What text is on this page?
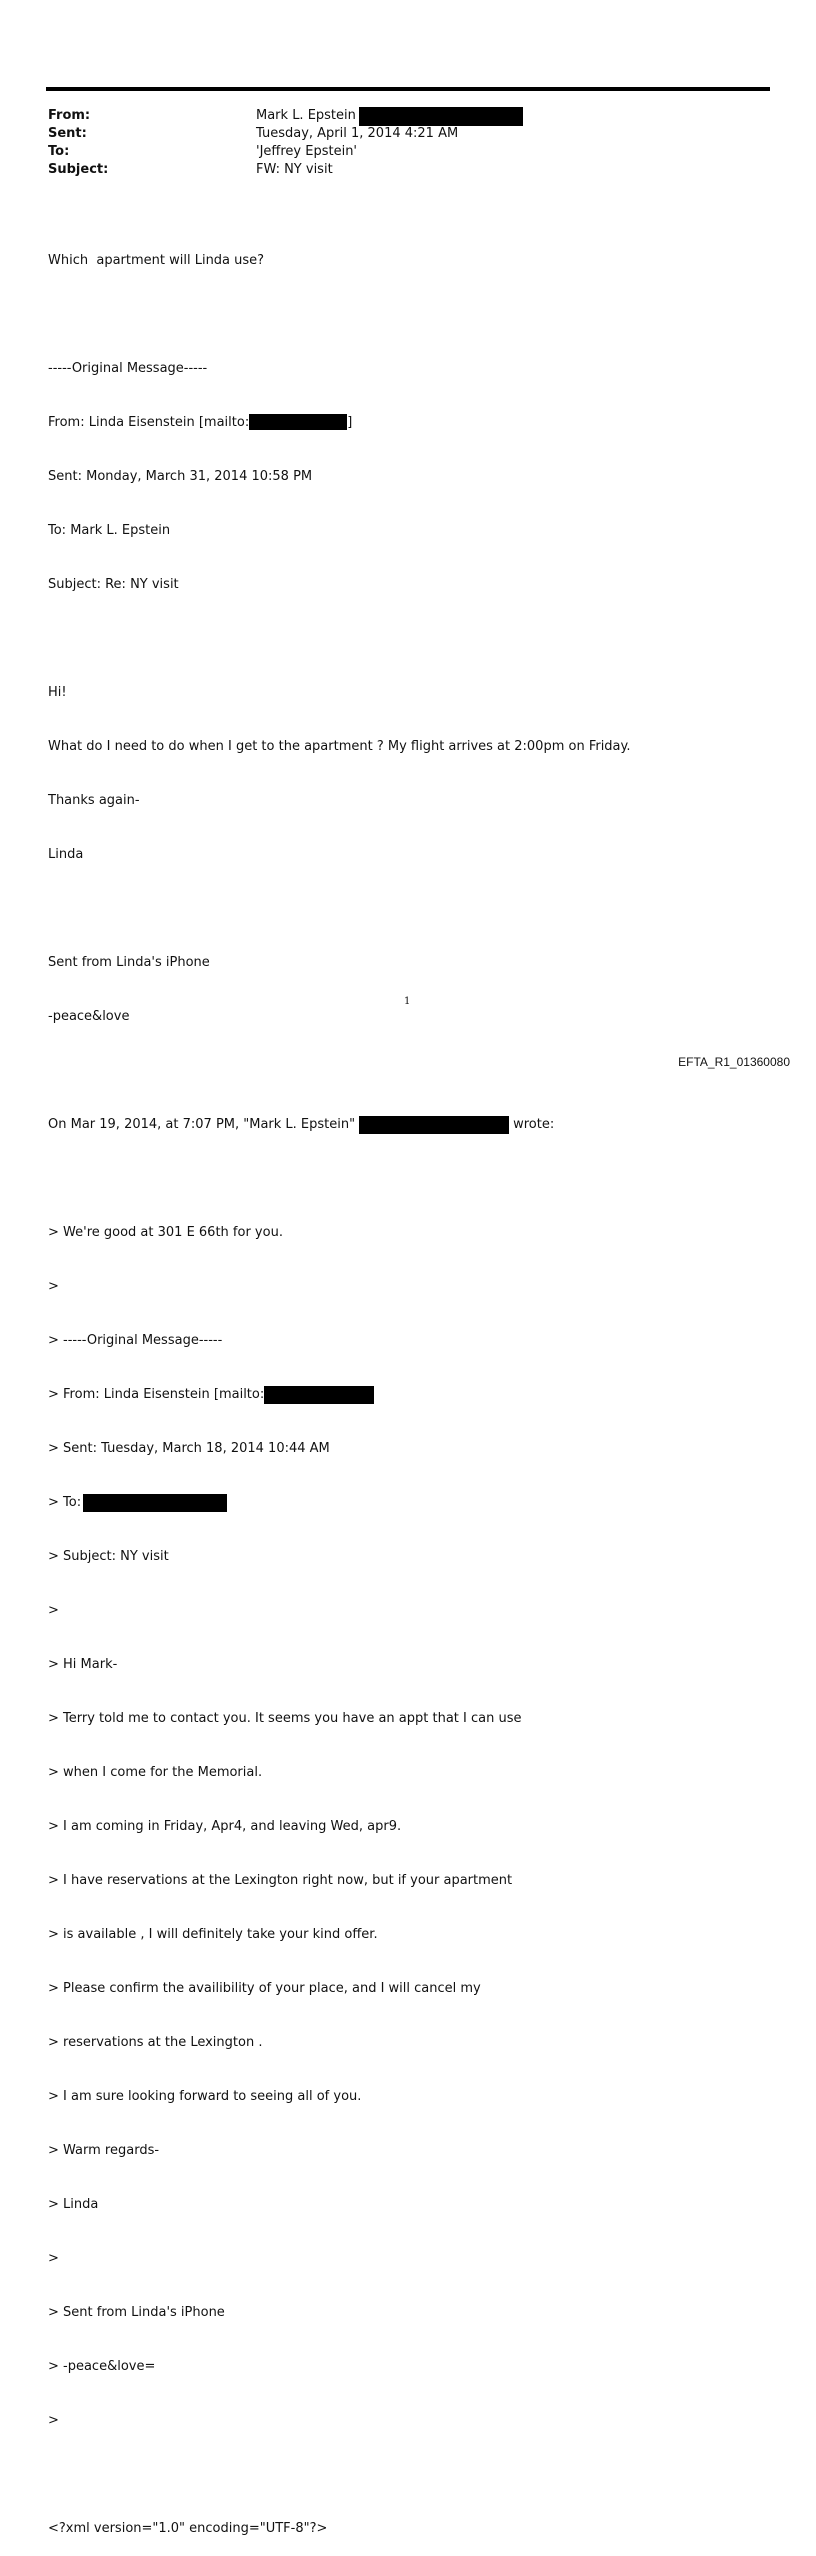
From:	Mark L. Epstein
Sent:	Tuesday, April 1, 2014 4:21 AM
To:	'Jeffrey Epstein'
Subject:	FW: NY visit

Which  apartment will Linda use?

-----Original Message-----

From: Linda Eisenstein [mailto:	]

Sent: Monday, March 31, 2014 10:58 PM

To: Mark L. Epstein

Subject: Re: NY visit

Hi!

What do I need to do when I get to the apartment ? My flight arrives at 2:00pm on Friday.

Thanks again-

Linda

Sent from Linda's iPhone

-peace&love

On Mar 19, 2014, at 7:07 PM, "Mark L. Epstein"	wrote:

> We're good at 301 E 66th for you.

>

> -----Original Message-----

> From: Linda Eisenstein [mailto:

> Sent: Tuesday, March 18, 2014 10:44 AM

> To:

> Subject: NY visit

>

> Hi Mark-

> Terry told me to contact you. It seems you have an appt that I can use

> when I come for the Memorial.

> I am coming in Friday, Apr4, and leaving Wed, apr9.

> I have reservations at the Lexington right now, but if your apartment

> is available , I will definitely take your kind offer.

> Please confirm the availibility of your place, and I will cancel my

> reservations at the Lexington .

> I am sure looking forward to seeing all of you.

> Warm regards-

> Linda

>

> Sent from Linda's iPhone

> -peace&love=

>

<?xml version="1.0" encoding="UTF-8"?>

1
EFTA_R1_01360080
